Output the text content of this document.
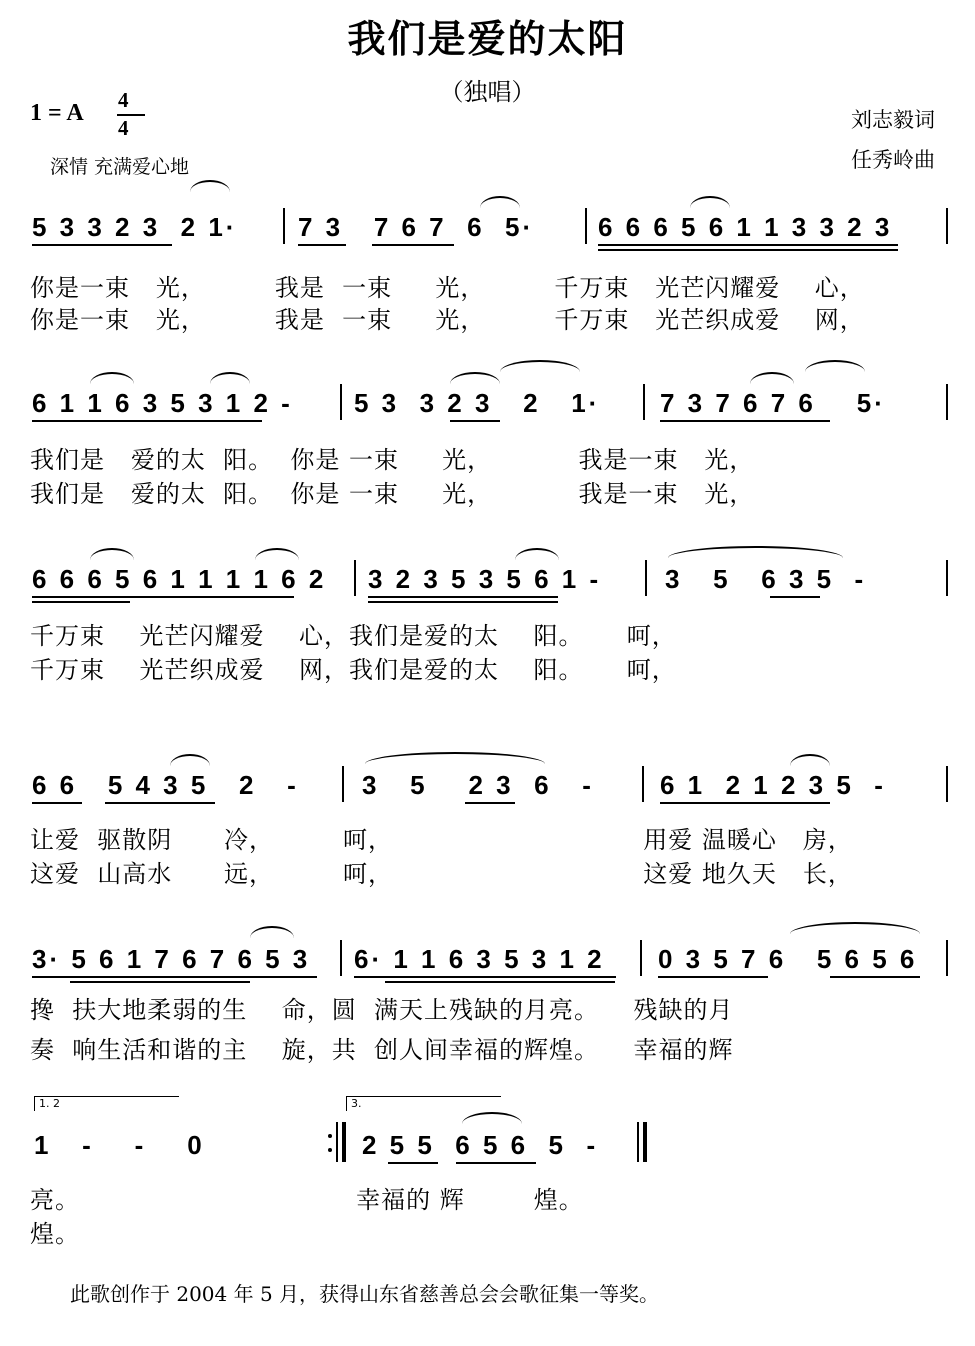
我们是爱的太阳
（独唱）
1 = A 4
4
深情 充满爱心地
刘志毅词
任秀岭曲
5 3 3 2 3  2 1· 7 3   7 6 7  6  5· 6 6 6 5 6 1 1 3 3 2 3
你是一束   光，        我是  一束     光，        千万束   光芒闪耀爱    心，
你是一束   光，        我是  一束     光，        千万束   光芒织成爱    网，
6 1 1 6 3 5 3 1 2 - 5 3  3 2 3   2   1· 7 3 7 6 7 6    5·
我们是   爱的太  阳。  你是 一束     光，          我是一束   光，
我们是   爱的太  阳。  你是 一束     光，          我是一束   光，
6 6 6 5 6 1 1 1 1 6 2 3 2 3 5 3 5 6 1 - 3   5   6 3 5  -
千万束    光芒闪耀爱    心，我们是爱的太    阳。     呵，
千万束    光芒织成爱    网，我们是爱的太    阳。     呵，
6 6   5 4 3 5   2   - 3   5    2 3  6   -	6 1  2 1 2 3 5  -
让爱  驱散阴      冷，        呵，                             用爱 温暖心   房，
这爱  山高水      远，        呵，                             这爱 地久天   长，
3· 5 6 1 7 6 7 6 5 3 6· 1 1 6 3 5 3 1 2 0 3 5 7 6   5 6 5 6
搀  扶大地柔弱的生    命，圆  满天上残缺的月亮。    残缺的月
奏  响生活和谐的主    旋，共  创人间幸福的辉煌。    幸福的辉
1. 2	3.
1   -    -    0	2 5 5  6 5 6  5  -
亮。                                幸福的 辉        煌。
煌。
此歌创作于 2004 年 5 月，获得山东省慈善总会会歌征集一等奖。
